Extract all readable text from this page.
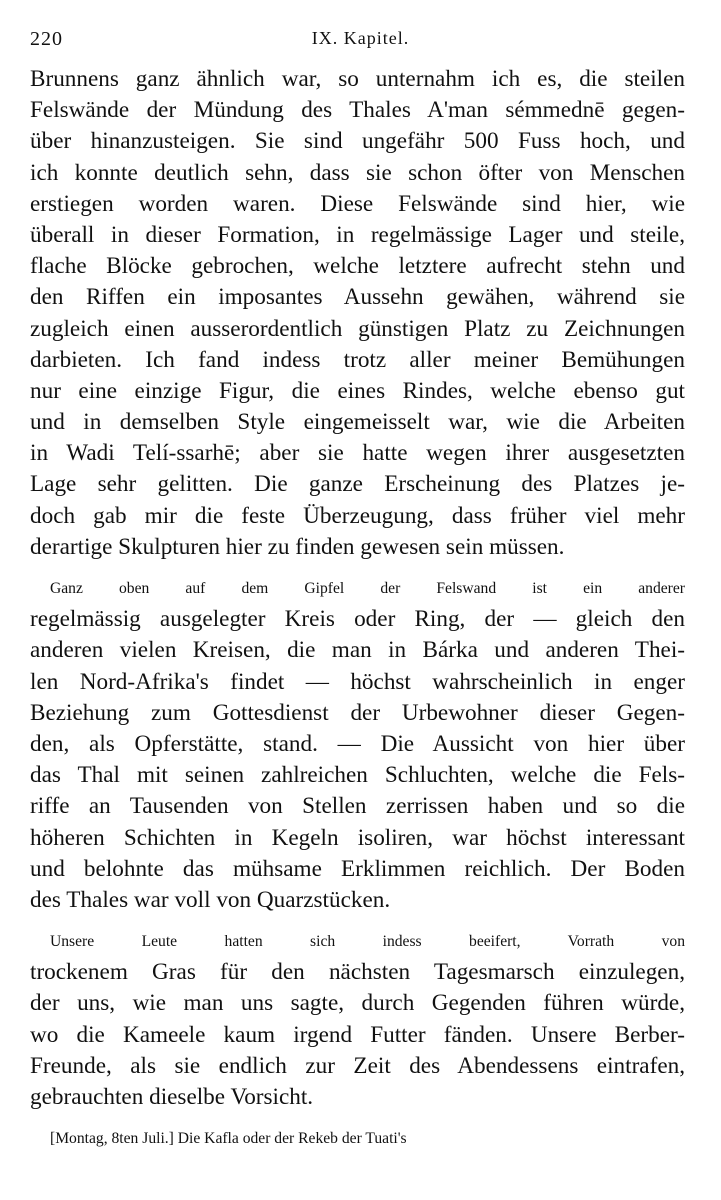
220	IX. Kapitel.
Brunnens ganz ähnlich war, so unternahm ich es, die steilen
Felswände der Mündung des Thales A'man sémmednē gegen-
über hinanzusteigen. Sie sind ungefähr 500 Fuss hoch, und
ich konnte deutlich sehn, dass sie schon öfter von Menschen
erstiegen worden waren. Diese Felswände sind hier, wie
überall in dieser Formation, in regelmässige Lager und steile,
flache Blöcke gebrochen, welche letztere aufrecht stehn und
den Riffen ein imposantes Aussehn gewähen, während sie
zugleich einen ausserordentlich günstigen Platz zu Zeichnungen
darbieten. Ich fand indess trotz aller meiner Bemühungen
nur eine einzige Figur, die eines Rindes, welche ebenso gut
und in demselben Style eingemeisselt war, wie die Arbeiten
in Wadi Telí-ssarhē; aber sie hatte wegen ihrer ausgesetzten
Lage sehr gelitten. Die ganze Erscheinung des Platzes je-
doch gab mir die feste Überzeugung, dass früher viel mehr
derartige Skulpturen hier zu finden gewesen sein müssen.
Ganz oben auf dem Gipfel der Felswand ist ein anderer
regelmässig ausgelegter Kreis oder Ring, der — gleich den
anderen vielen Kreisen, die man in Bárka und anderen Thei-
len Nord-Afrika's findet — höchst wahrscheinlich in enger
Beziehung zum Gottesdienst der Urbewohner dieser Gegen-
den, als Opferstätte, stand. — Die Aussicht von hier über
das Thal mit seinen zahlreichen Schluchten, welche die Fels-
riffe an Tausenden von Stellen zerrissen haben und so die
höheren Schichten in Kegeln isoliren, war höchst interessant
und belohnte das mühsame Erklimmen reichlich. Der Boden
des Thales war voll von Quarzstücken.
Unsere Leute hatten sich indess beeifert, Vorrath von
trockenem Gras für den nächsten Tagesmarsch einzulegen,
der uns, wie man uns sagte, durch Gegenden führen würde,
wo die Kameele kaum irgend Futter fänden. Unsere Berber-
Freunde, als sie endlich zur Zeit des Abendessens eintrafen,
gebrauchten dieselbe Vorsicht.
[Montag, 8ten Juli.] Die Kafla oder der Rekeb der Tuati's
